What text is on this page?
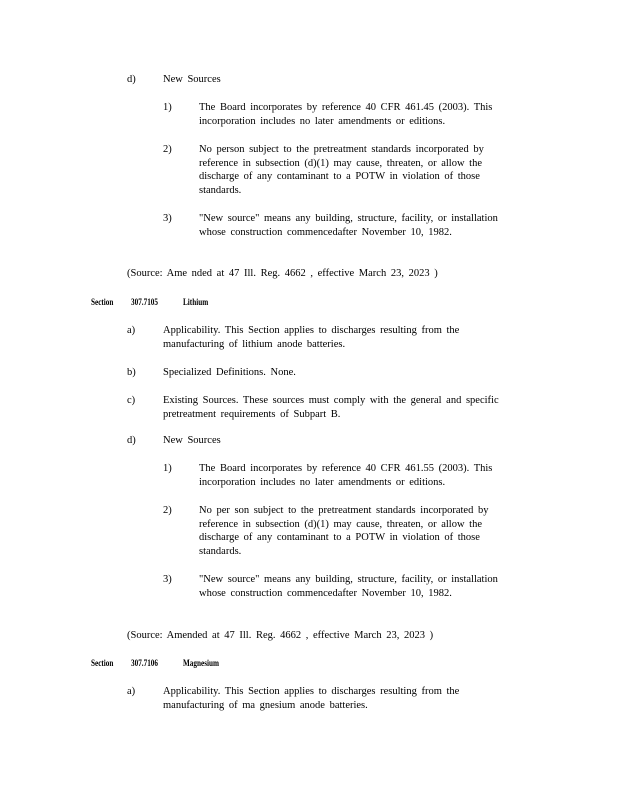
d)	New Sources
1)	The Board incorporates by reference 40 CFR 461.45 (2003). This incorporation includes no later amendments or editions.
2)	No person subject to the pretreatment standards incorporated by reference in subsection (d)(1) may cause, threaten, or allow the discharge of any contaminant to a POTW in violation of those standards.
3)	"New source" means any building, structure, facility, or installation whose construction commencedafter November 10, 1982.
(Source: Ame nded at 47 Ill. Reg. 4662 , effective March 23, 2023 )
Section 307.7105	Lithium
a)	Applicability. This Section applies to discharges resulting from the manufacturing of lithium anode batteries.
b)	Specialized Definitions. None.
c)	Existing Sources. These sources must comply with the general and specific pretreatment requirements of Subpart B.
d)	New Sources
1)	The Board incorporates by reference 40 CFR 461.55 (2003). This incorporation includes no later amendments or editions.
2)	No per son subject to the pretreatment standards incorporated by reference in subsection (d)(1) may cause, threaten, or allow the discharge of any contaminant to a POTW in violation of those standards.
3)	"New source" means any building, structure, facility, or installation whose construction commencedafter November 10, 1982.
(Source: Amended at 47 Ill. Reg. 4662 , effective March 23, 2023 )
Section 307.7106	Magnesium
a)	Applicability. This Section applies to discharges resulting from the manufacturing of ma gnesium anode batteries.
